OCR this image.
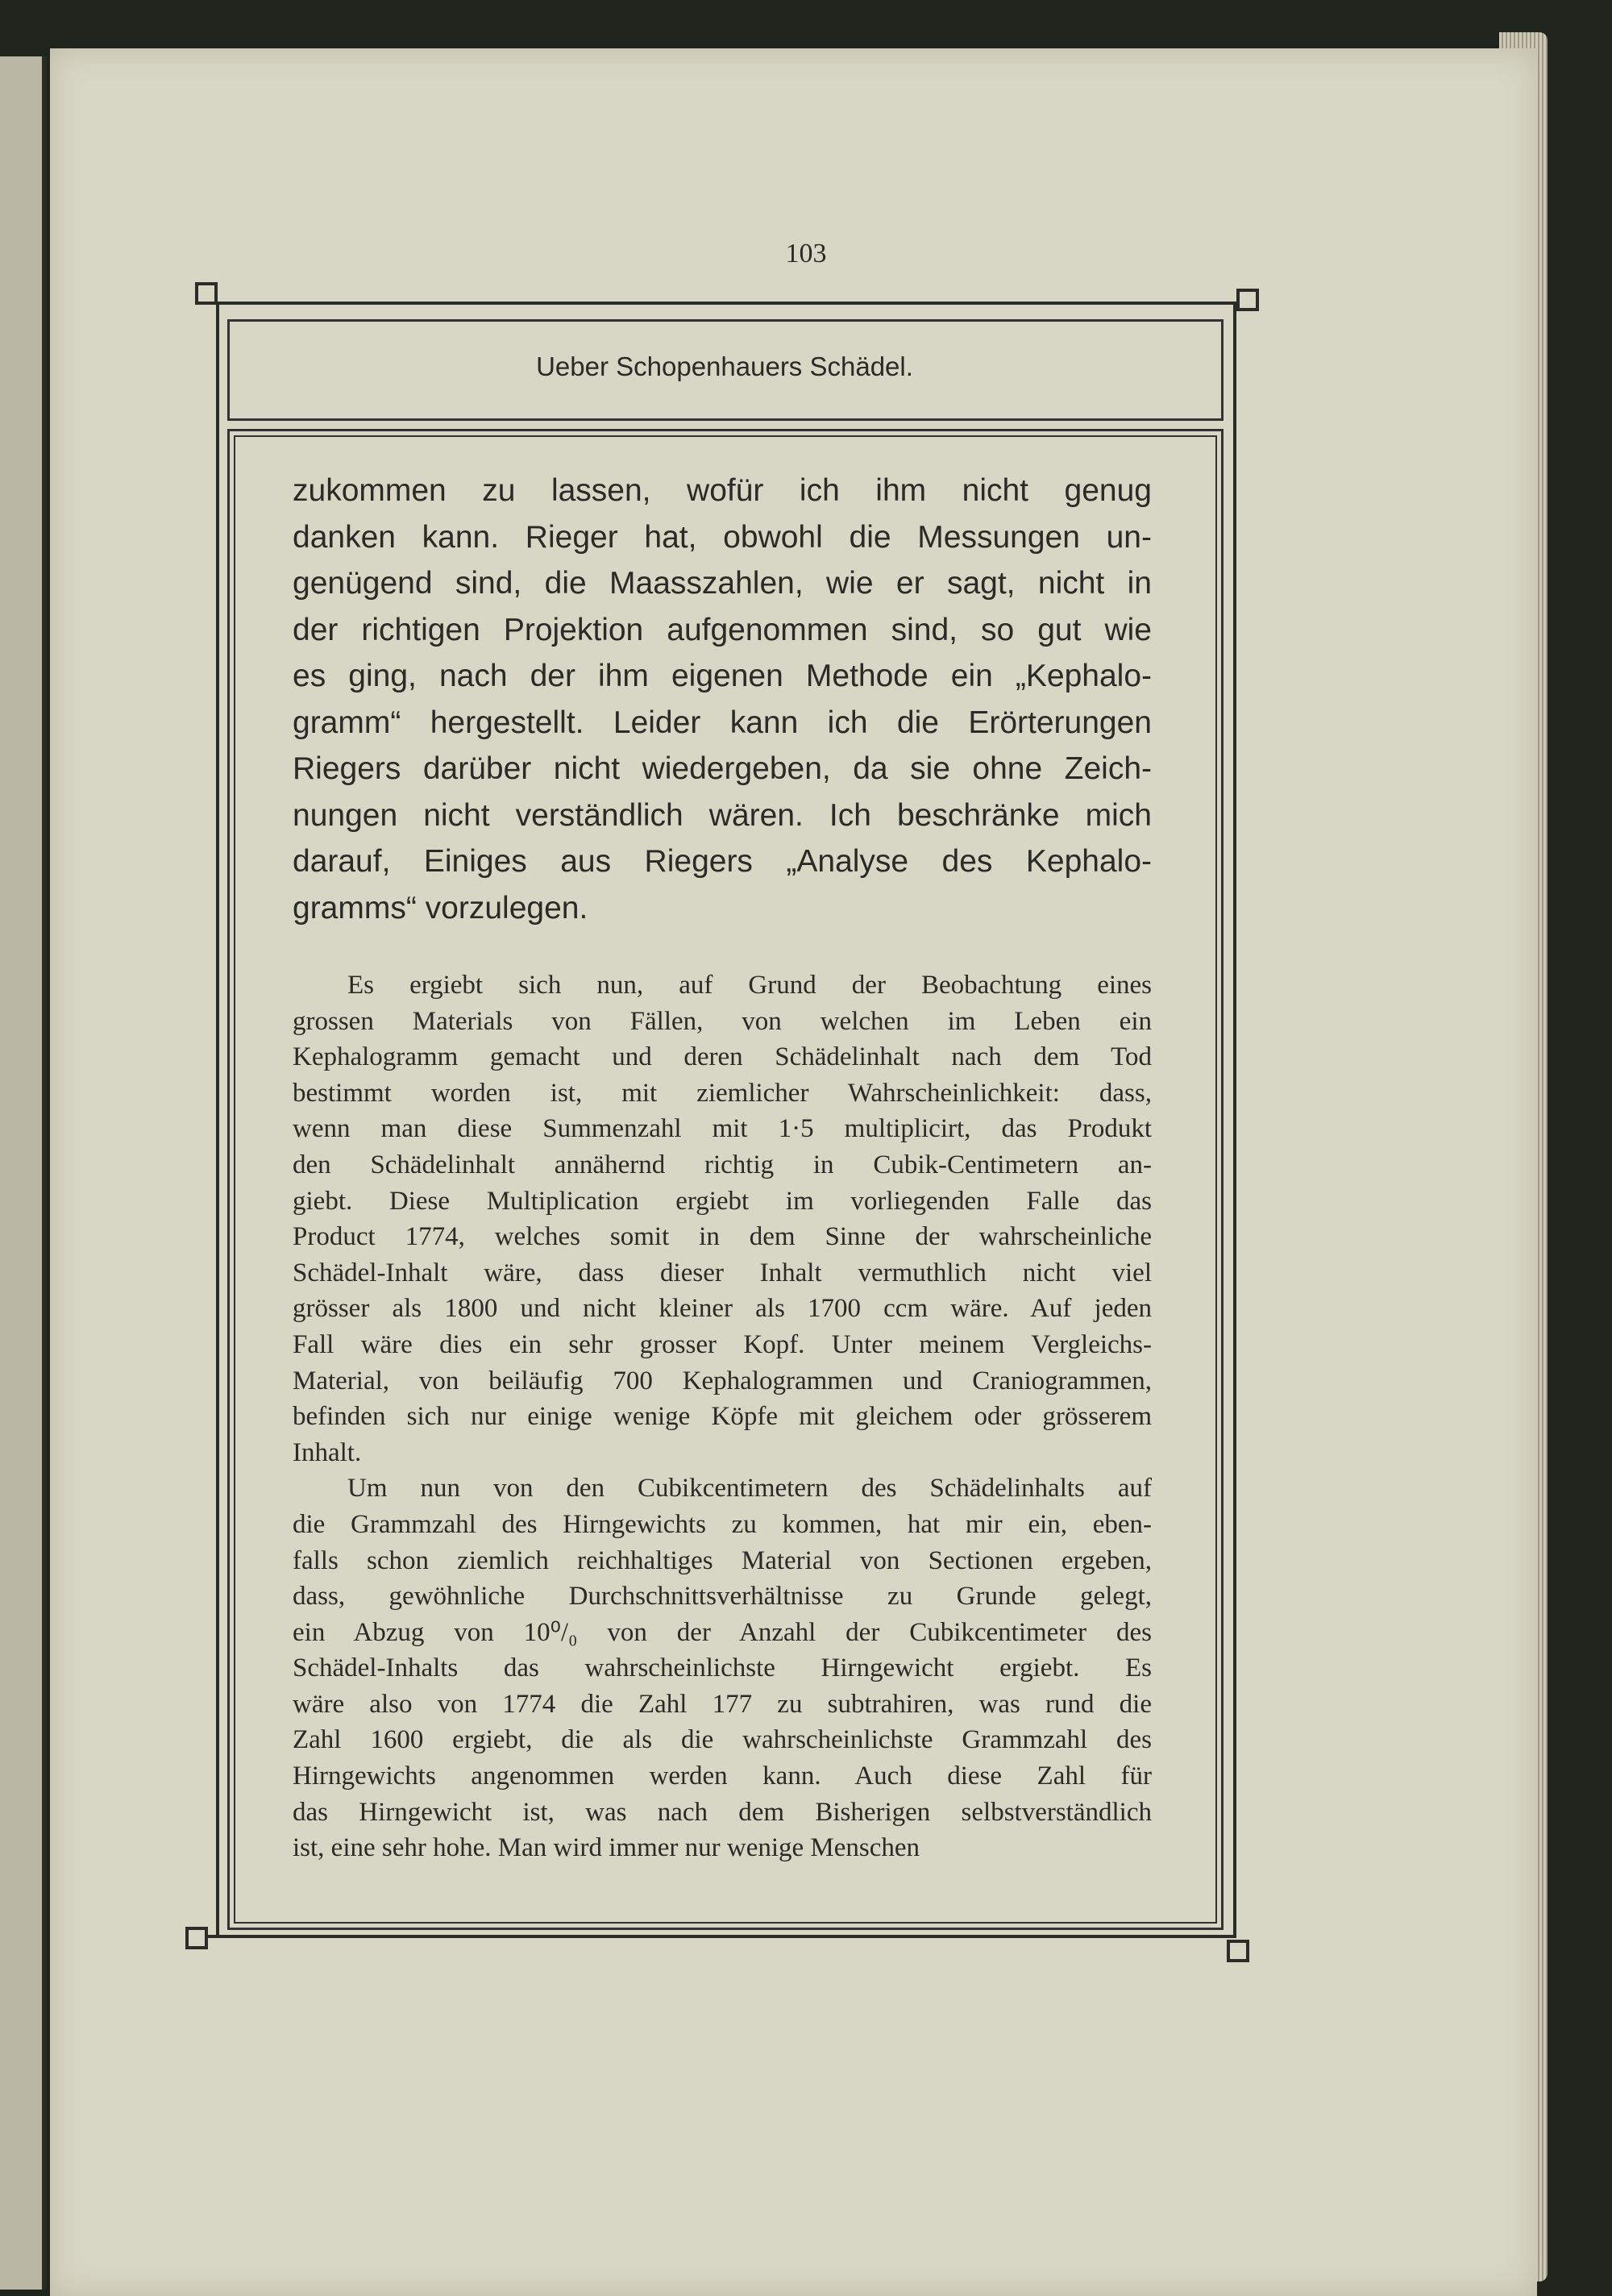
103
Ueber Schopenhauers Schädel.
zukommen zu lassen, wofür ich ihm nicht genug
danken kann. Rieger hat, obwohl die Messungen un-
genügend sind, die Maasszahlen, wie er sagt, nicht in
der richtigen Projektion aufgenommen sind, so gut wie
es ging, nach der ihm eigenen Methode ein „Kephalo-
gramm“ hergestellt. Leider kann ich die Erörterungen
Riegers darüber nicht wiedergeben, da sie ohne Zeich-
nungen nicht verständlich wären. Ich beschränke mich
darauf, Einiges aus Riegers „Analyse des Kephalo-
gramms“ vorzulegen.
Es ergiebt sich nun, auf Grund der Beobachtung eines
grossen Materials von Fällen, von welchen im Leben ein
Kephalogramm gemacht und deren Schädelinhalt nach dem Tod
bestimmt worden ist, mit ziemlicher Wahrscheinlichkeit: dass,
wenn man diese Summenzahl mit 1·5 multiplicirt, das Produkt
den Schädelinhalt annähernd richtig in Cubik-Centimetern an-
giebt. Diese Multiplication ergiebt im vorliegenden Falle das
Product 1774, welches somit in dem Sinne der wahrscheinliche
Schädel-Inhalt wäre, dass dieser Inhalt vermuthlich nicht viel
grösser als 1800 und nicht kleiner als 1700 ccm wäre. Auf jeden
Fall wäre dies ein sehr grosser Kopf. Unter meinem Vergleichs-
Material, von beiläufig 700 Kephalogrammen und Craniogrammen,
befinden sich nur einige wenige Köpfe mit gleichem oder grösserem
Inhalt.
Um nun von den Cubikcentimetern des Schädelinhalts auf
die Grammzahl des Hirngewichts zu kommen, hat mir ein, eben-
falls schon ziemlich reichhaltiges Material von Sectionen ergeben,
dass, gewöhnliche Durchschnittsverhältnisse zu Grunde gelegt,
ein Abzug von 10⁰/₀ von der Anzahl der Cubikcentimeter des
Schädel-Inhalts das wahrscheinlichste Hirngewicht ergiebt. Es
wäre also von 1774 die Zahl 177 zu subtrahiren, was rund die
Zahl 1600 ergiebt, die als die wahrscheinlichste Grammzahl des
Hirngewichts angenommen werden kann. Auch diese Zahl für
das Hirngewicht ist, was nach dem Bisherigen selbstverständlich
ist, eine sehr hohe. Man wird immer nur wenige Menschen
